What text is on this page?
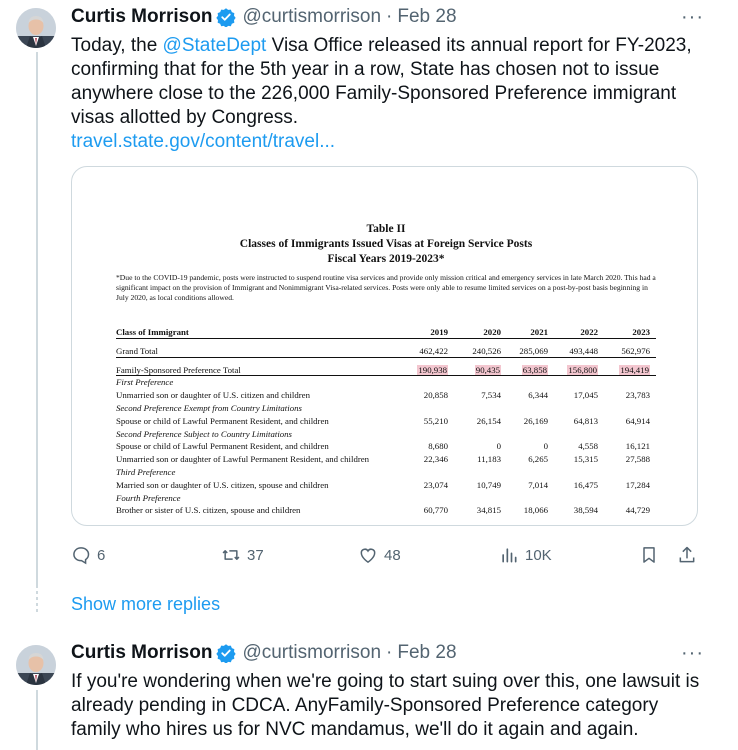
Curtis Morrison @curtismorrison · Feb 28	···
Today, the @StateDept Visa Office released its annual report for FY-2023, confirming that for the 5th year in a row, State has chosen not to issue anywhere close to the 226,000 Family-Sponsored Preference immigrant visas allotted by Congress.
travel.state.gov/content/travel...
Table II
Classes of Immigrants Issued Visas at Foreign Service Posts
Fiscal Years 2019-2023*
*Due to the COVID-19 pandemic, posts were instructed to suspend routine visa services and provide only mission critical and emergency services in late March 2020. This had a significant impact on the provision of Immigrant and Nonimmigrant Visa-related services. Posts were only able to resume limited services on a post-by-post basis beginning in July 2020, as local conditions allowed.
Class of Immigrant	2019	2020	2021	2022	2023
Grand Total	462,422	240,526	285,069	493,448	562,976
Family-Sponsored Preference Total	190,938	90,435	63,858	156,800	194,419
First Preference
Unmarried son or daughter of U.S. citizen and children	20,858	7,534	6,344	17,045	23,783
Second Preference Exempt from Country Limitations
Spouse or child of Lawful Permanent Resident, and children	55,210	26,154	26,169	64,813	64,914
Second Preference Subject to Country Limitations
Spouse or child of Lawful Permanent Resident, and children	8,680	0	0	4,558	16,121
Unmarried son or daughter of Lawful Permanent Resident, and children	22,346	11,183	6,265	15,315	27,588
Third Preference
Married son or daughter of U.S. citizen, spouse and children	23,074	10,749	7,014	16,475	17,284
Fourth Preference
Brother or sister of U.S. citizen, spouse and children	60,770	34,815	18,066	38,594	44,729
6	37	48	10K
Show more replies
Curtis Morrison @curtismorrison · Feb 28	···
If you're wondering when we're going to start suing over this, one lawsuit is already pending in CDCA. AnyFamily-Sponsored Preference category family who hires us for NVC mandamus, we'll do it again and again.
